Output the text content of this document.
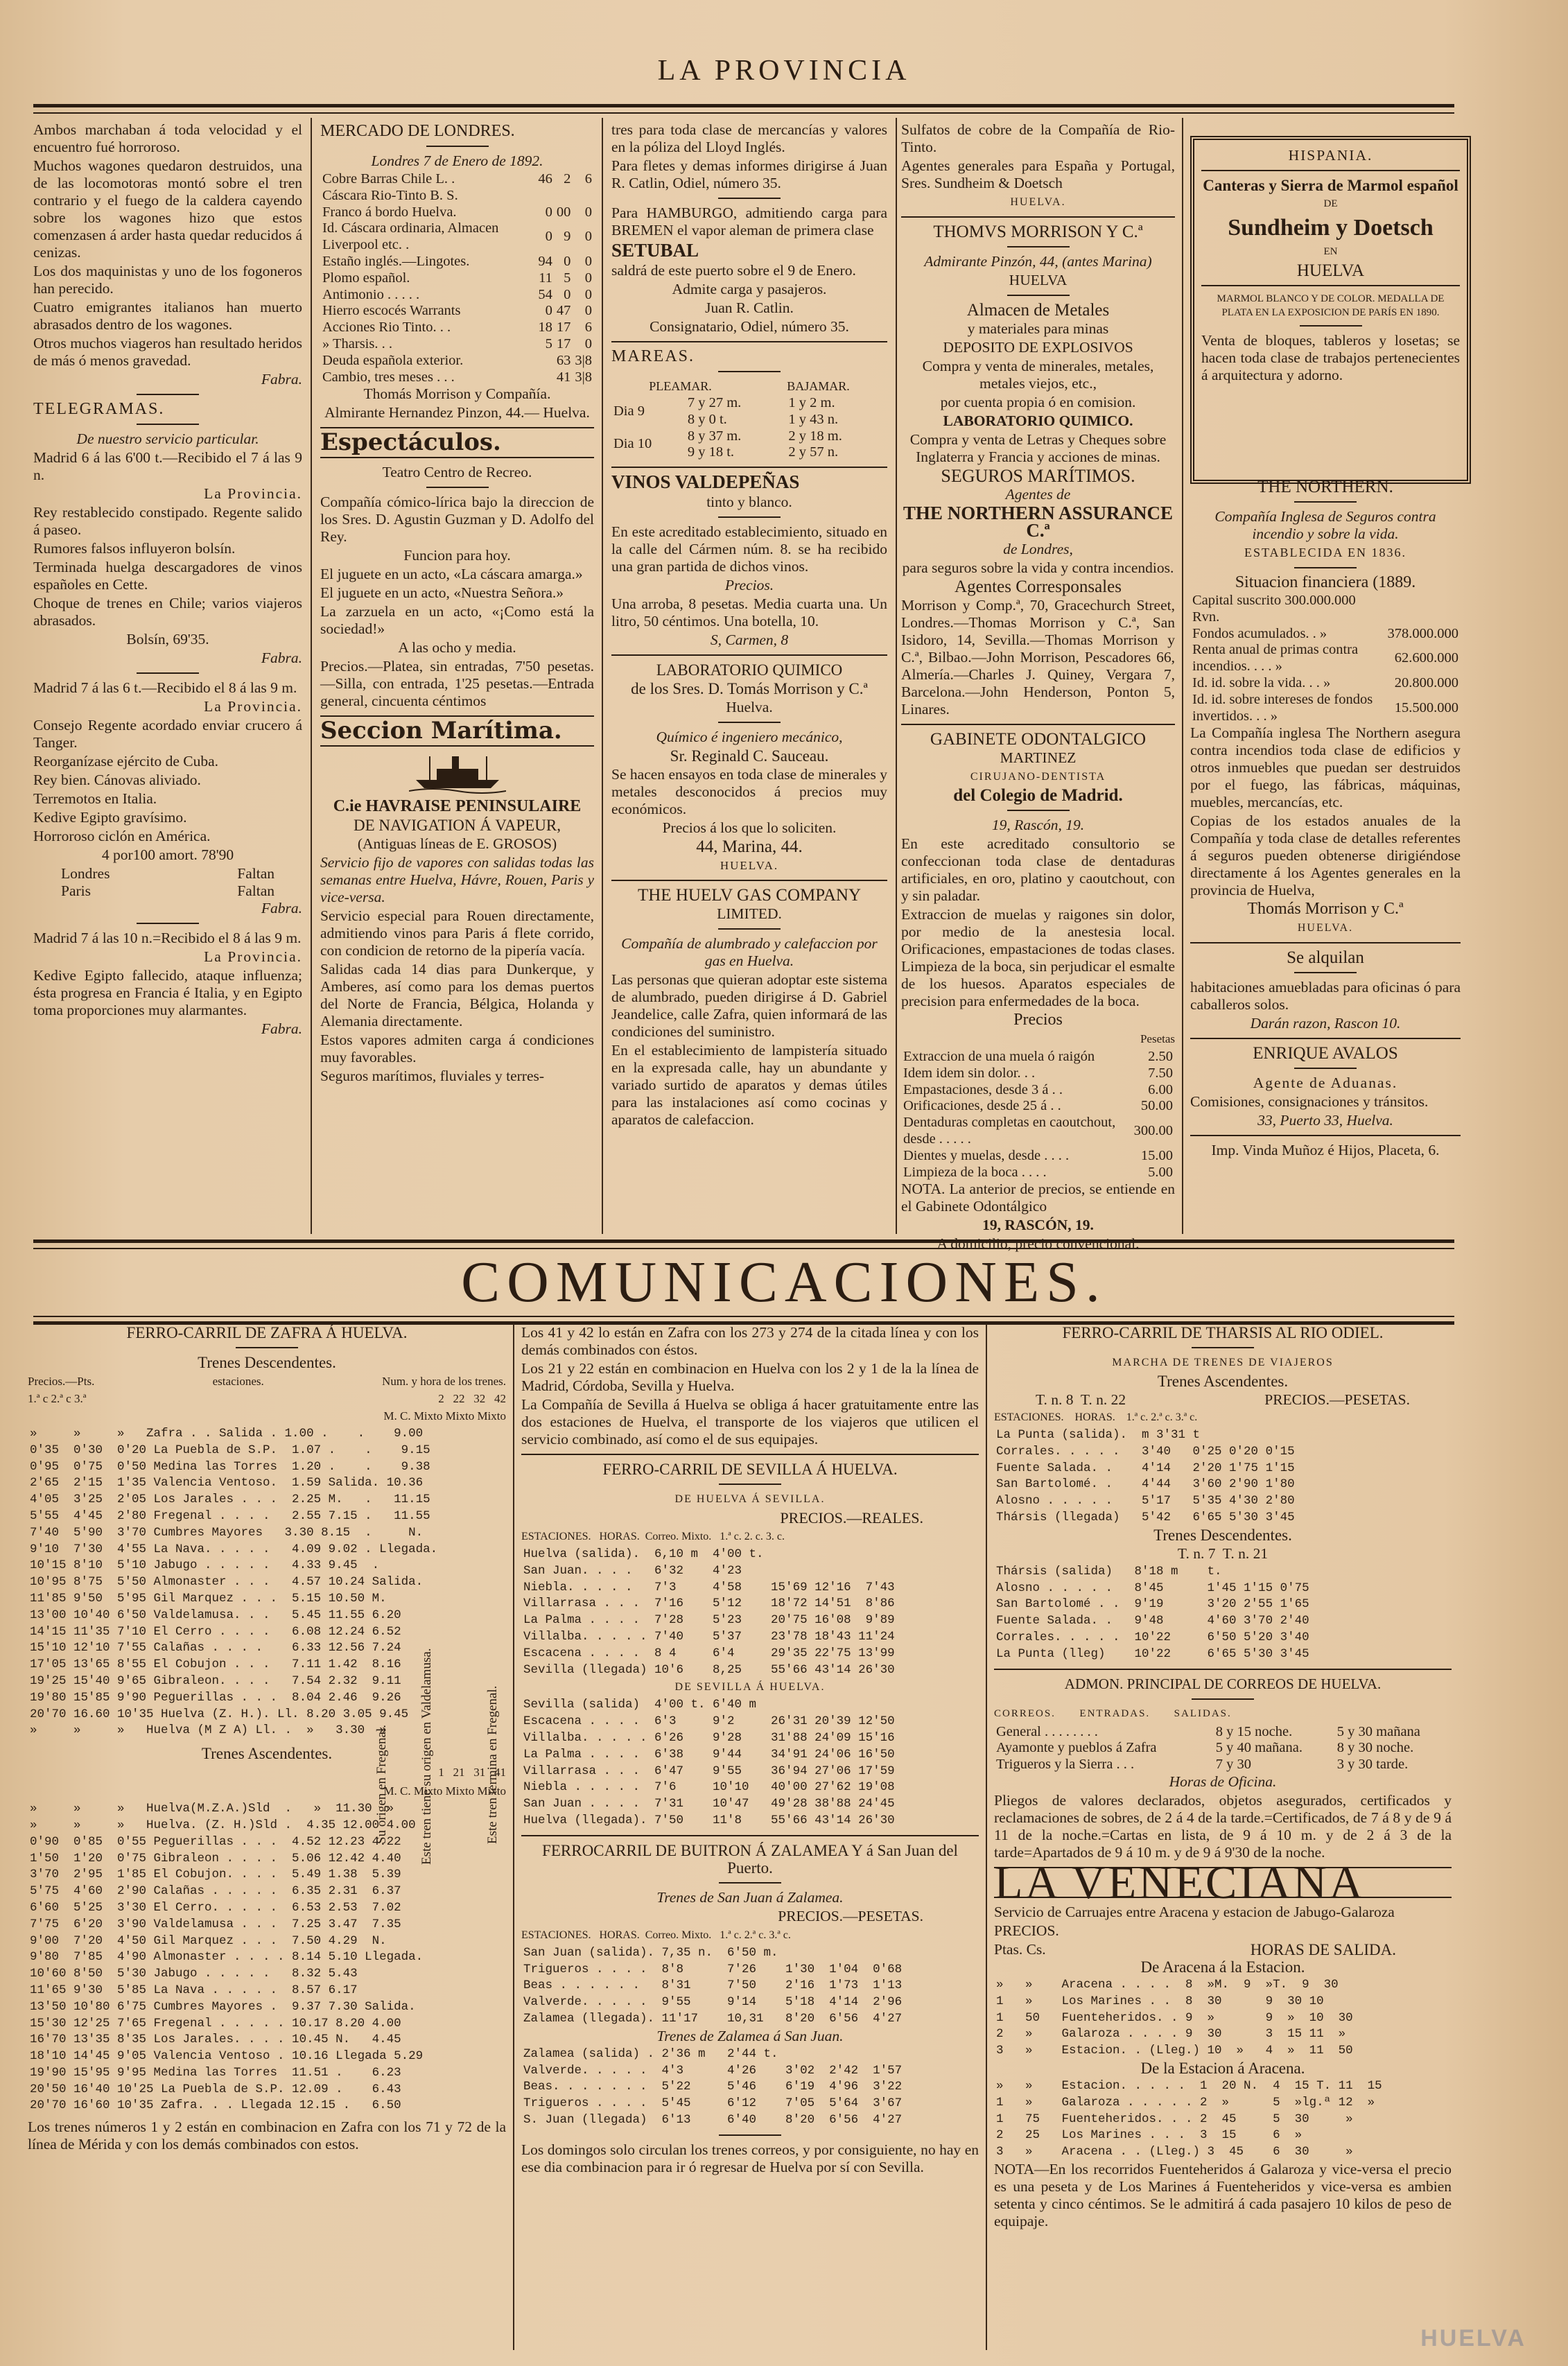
LA PROVINCIA

Ambos marchaban á toda velocidad y el encuentro fué horroroso.

Muchos wagones quedaron destruidos, una de las locomotoras montó sobre el tren contrario y el fuego de la caldera cayendo sobre los wagones hizo que estos comenzasen á arder hasta quedar reducidos á cenizas.

Los dos maquinistas y uno de los fogoneros han perecido.

Cuatro emigrantes italianos han muerto abrasados dentro de los wagones.

Otros muchos viageros han resultado heridos de más ó menos gravedad.

Fabra.

TELEGRAMAS.

De nuestro servicio particular.

Madrid 6 á las 6'00 t.—Recibido el 7 á las 9 n.

La Provincia.

Rey restablecido constipado. Regente salido á paseo.

Rumores falsos influyeron bolsín.

Terminada huelga descargadores de vinos españoles en Cette.

Choque de trenes en Chile; varios viajeros abrasados.

Bolsín, 69'35.

Fabra.

Madrid 7 á las 6 t.—Recibido el 8 á las 9 m.

La Provincia.

Consejo Regente acordado enviar crucero á Tanger.

Reorganízase ejército de Cuba.

Rey bien. Cánovas aliviado.

Terremotos en Italia.

Kedive Egipto gravísimo.

Horroroso ciclón en América.

4 por100 amort. 78'90

Londres	Faltan
Paris	Faltan

Fabra.

Madrid 7 á las 10 n.=Recibido el 8 á las 9 m.

La Provincia.

Kedive Egipto fallecido, ataque influenza; ésta progresa en Francia é Italia, y en Egipto toma proporciones muy alarmantes.

Fabra.

MERCADO DE LONDRES.

Londres 7 de Enero de 1892.

Cobre Barras Chile L. .	46	2	6
Cáscara Rio-Tinto B. S.			
Franco á bordo Huelva.	0	00	0
Id. Cáscara ordinaria, Almacen Liverpool etc. .	0	9	0
Estaño inglés.—Lingotes.	94	0	0
Plomo español.	11	5	0
Antimonio . . . . .	54	0	0
Hierro escocés Warrants	0	47	0
Acciones Rio Tinto. . .	18	17	6
» Tharsis. . .	5	17	0
Deuda española exterior.		63	3|8
Cambio, tres meses . . .		41	3|8

Thomás Morrison y Compañía.

Almirante Hernandez Pinzon, 44.— Huelva.

Espectáculos.

Teatro Centro de Recreo.

Compañía cómico-lírica bajo la direccion de los Sres. D. Agustin Guzman y D. Adolfo del Rey.

Funcion para hoy.

El juguete en un acto, «La cáscara amarga.»

El juguete en un acto, «Nuestra Señora.»

La zarzuela en un acto, «¡Como está la sociedad!»

A las ocho y media.

Precios.—Platea, sin entradas, 7'50 pesetas.—Silla, con entrada, 1'25 pesetas.—Entrada general, cincuenta céntimos

Seccion Marítima.

C.ie HAVRAISE PENINSULAIRE

DE NAVIGATION Á VAPEUR,

(Antiguas líneas de E. GROSOS)

Servicio fijo de vapores con salidas todas las semanas entre Huelva, Hávre, Rouen, Paris y vice-versa.

Servicio especial para Rouen directamente, admitiendo vinos para Paris á flete corrido, con condicion de retorno de la pipería vacía.

Salidas cada 14 dias para Dunkerque, y Amberes, así como para los demas puertos del Norte de Francia, Bélgica, Holanda y Alemania directamente.

Estos vapores admiten carga á condiciones muy favorables.

Seguros marítimos, fluviales y terres-

tres para toda clase de mercancías y valores en la póliza del Lloyd Inglés.

Para fletes y demas informes dirigirse á Juan R. Catlin, Odiel, número 35.

Para HAMBURGO, admitiendo carga para BREMEN el vapor aleman de primera clase

SETUBAL

saldrá de este puerto sobre el 9 de Enero.

Admite carga y pasajeros.

Juan R. Catlin.

Consignatario, Odiel, número 35.

MAREAS.

PLEAMAR.	BAJAMAR.
Dia 9	7 y 27 m.	1 y 2 m.
	8 y 0 t.	1 y 43 n.
Dia 10	8 y 37 m.	2 y 18 m.
	9 y 18 t.	2 y 57 n.

VINOS VALDEPEÑAS

tinto y blanco.

En este acreditado establecimiento, situado en la calle del Cármen núm. 8. se ha recibido una gran partida de dichos vinos.

Precios.

Una arroba, 8 pesetas. Media cuarta una. Un litro, 50 céntimos. Una botella, 10.

S, Carmen, 8

LABORATORIO QUIMICO

de los Sres. D. Tomás Morrison y C.ª

Huelva.

Químico é ingeniero mecánico,

Sr. Reginald C. Sauceau.

Se hacen ensayos en toda clase de minerales y metales desconocidos á precios muy económicos.

Precios á los que lo soliciten.

44, Marina, 44.

HUELVA.

THE HUELV GAS COMPANY

LIMITED.

Compañía de alumbrado y calefaccion por gas en Huelva.

Las personas que quieran adoptar este sistema de alumbrado, pueden dirigirse á D. Gabriel Jeandelice, calle Zafra, quien informará de las condiciones del suministro.

En el establecimiento de lampistería situado en la expresada calle, hay un abundante y variado surtido de aparatos y demas útiles para las instalaciones así como cocinas y aparatos de calefaccion.

Sulfatos de cobre de la Compañía de Rio-Tinto.

Agentes generales para España y Portugal, Sres. Sundheim & Doetsch

HUELVA.

THOMVS MORRISON Y C.ª

Admirante Pinzón, 44, (antes Marina)

HUELVA

Almacen de Metales

y materiales para minas

DEPOSITO DE EXPLOSIVOS

Compra y venta de minerales, metales, metales viejos, etc.,

por cuenta propia ó en comision.

LABORATORIO QUIMICO.

Compra y venta de Letras y Cheques sobre Inglaterra y Francia y acciones de minas.

SEGUROS MARÍTIMOS.

Agentes de

THE NORTHERN ASSURANCE C.ª

de Londres,

para seguros sobre la vida y contra incendios.

Agentes Corresponsales

Morrison y Comp.ª, 70, Gracechurch Street, Londres.—Thomas Morrison y C.ª, San Isidoro, 14, Sevilla.—Thomas Morrison y C.ª, Bilbao.—John Morrison, Pescadores 66, Almería.—Charles J. Quiney, Vergara 7, Barcelona.—John Henderson, Ponton 5, Linares.

GABINETE ODONTALGICO

MARTINEZ

CIRUJANO-DENTISTA

del Colegio de Madrid.

19, Rascón, 19.

En este acreditado consultorio se confeccionan toda clase de dentaduras artificiales, en oro, platino y caoutchout, con y sin paladar.

Extraccion de muelas y raigones sin dolor, por medio de la anestesia local. Orificaciones, empastaciones de todas clases. Limpieza de la boca, sin perjudicar el esmalte de los huesos. Aparatos especiales de precision para enfermedades de la boca.

Precios

Pesetas

Extraccion de una muela ó raigón	2.50
Idem idem sin dolor. . .	7.50
Empastaciones, desde 3 á . .	6.00
Orificaciones, desde 25 á . .	50.00
Dentaduras completas en caoutchout, desde . . . . .	300.00
Dientes y muelas, desde . . . .	15.00
Limpieza de la boca . . . .	5.00

NOTA. La anterior de precios, se entiende en el Gabinete Odontálgico

19, RASCÓN, 19.

A domicilio, precio convencional.

HISPANIA.

Canteras y Sierra de Marmol español

DE

Sundheim y Doetsch

EN

HUELVA

MARMOL BLANCO Y DE COLOR. MEDALLA DE PLATA EN LA EXPOSICION DE PARÍS EN 1890.

Venta de bloques, tableros y losetas; se hacen toda clase de trabajos pertenecientes á arquitectura y adorno.

THE NORTHERN.

Compañía Inglesa de Seguros contra incendio y sobre la vida.

ESTABLECIDA EN 1836.

Situacion financiera (1889.

Capital suscrito 300.000.000 Rvn.	
Fondos acumulados. . »	378.000.000
Renta anual de primas contra incendios. . . . »	62.600.000
Id. id. sobre la vida. . . »	20.800.000
Id. id. sobre intereses de fondos invertidos. . . »	15.500.000

La Compañía inglesa The Northern asegura contra incendios toda clase de edificios y otros inmuebles que puedan ser destruidos por el fuego, las fábricas, máquinas, muebles, mercancías, etc.

Copias de los estados anuales de la Compañía y toda clase de detalles referentes á seguros pueden obtenerse dirigiéndose directamente á los Agentes generales en la provincia de Huelva,

Thomás Morrison y C.ª

HUELVA.

Se alquilan

habitaciones amuebladas para oficinas ó para caballeros solos.

Darán razon, Rascon 10.

ENRIQUE AVALOS

Agente de Aduanas.

Comisiones, consignaciones y tránsitos.

33, Puerto 33, Huelva.

Imp. Vinda Muñoz é Hijos, Placeta, 6.

COMUNICACIONES.

FERRO-CARRIL DE ZAFRA Á HUELVA.

Trenes Descendentes.

Precios.—Pts.	estaciones.	Num. y hora de los trenes.
1.ª c 2.ª c 3.ª	2   22   32   42

M. C. Mixto Mixto Mixto

»     »     »   Zafra . . Salida . 1.00 .    .    9.00
0'35  0'30  0'20 La Puebla de S.P.  1.07 .    .    9.15
0'95  0'75  0'50 Medina las Torres  1.20 .    .    9.38
2'65  2'15  1'35 Valencia Ventoso.  1.59 Salida. 10.36
4'05  3'25  2'05 Los Jarales . . .  2.25 M.   .   11.15
5'55  4'45  2'80 Fregenal . . . .   2.55 7.15 .   11.55
7'40  5'90  3'70 Cumbres Mayores   3.30 8.15  .     N.
9'10  7'30  4'55 La Nava. . . . .   4.09 9.02 . Llegada.
10'15 8'10  5'10 Jabugo . . . . .   4.33 9.45  .
10'95 8'75  5'50 Almonaster . . .   4.57 10.24 Salida.
11'85 9'50  5'95 Gil Marquez . . .  5.15 10.50 M.
13'00 10'40 6'50 Valdelamusa. . .   5.45 11.55 6.20
14'15 11'35 7'10 El Cerro . . . .   6.08 12.24 6.52
15'10 12'10 7'55 Calañas . . . .    6.33 12.56 7.24
17'05 13'65 8'55 El Cobujon . . .   7.11 1.42  8.16
19'25 15'40 9'65 Gibraleon. . . .   7.54 2.32  9.11
19'80 15'85 9'90 Peguerillas . . .  8.04 2.46  9.26
20'70 16.60 10'35 Huelva (Z. H.). Ll. 8.20 3.05 9.45
»     »     »   Huelva (M Z A) Ll. .  »   3.30  »

Trenes Ascendentes.

1   21   31   41

M. C. Mixto Mixto Mixto

»     »     »   Huelva(M.Z.A.)Sld  .   »  11.30  »
»     »     »   Huelva. (Z. H.)Sld .  4.35 12.00 4.00
0'90  0'85  0'55 Peguerillas . . .  4.52 12.23 4.22
1'50  1'20  0'75 Gibraleon . . . .  5.06 12.42 4.40
3'70  2'95  1'85 El Cobujon. . . .  5.49 1.38  5.39
5'75  4'60  2'90 Calañas . . . . .  6.35 2.31  6.37
6'60  5'25  3'30 El Cerro. . . . .  6.53 2.53  7.02
7'75  6'20  3'90 Valdelamusa . . .  7.25 3.47  7.35
9'00  7'20  4'50 Gil Marquez . . .  7.50 4.29  N.
9'80  7'85  4'90 Almonaster . . . . 8.14 5.10 Llegada.
10'60 8'50  5'30 Jabugo . . . . .   8.32 5.43
11'65 9'30  5'85 La Nava . . . . .  8.57 6.17
13'50 10'80 6'75 Cumbres Mayores .  9.37 7.30 Salida.
15'30 12'25 7'65 Fregenal . . . . . 10.17 8.20 4.00
16'70 13'35 8'35 Los Jarales. . . . 10.45 N.   4.45
18'10 14'45 9'05 Valencia Ventoso . 10.16 Llegada 5.29
19'90 15'95 9'95 Medina las Torres  11.51 .    6.23
20'50 16'40 10'25 La Puebla de S.P. 12.09 .    6.43
20'70 16'60 10'35 Zafra. . . Llegada 12.15 .   6.50

Los trenes números 1 y 2 están en combinacion en Zafra con los 71 y 72 de la línea de Mérida y con los demás combinados con estos.

Su origen en Fregenal. Este tren tiene su origen en Valdelamusa.	Este tren termina en Fregenal.

Los 41 y 42 lo están en Zafra con los 273 y 274 de la citada línea y con los demás combinados con éstos.

Los 21 y 22 están en combinacion en Huelva con los 2 y 1 de la la línea de Madrid, Córdoba, Sevilla y Huelva.

La Compañía de Sevilla á Huelva se obliga á hacer gratuitamente entre las dos estaciones de Huelva, el transporte de los viajeros que utilicen el servicio combinado, así como el de sus equipajes.

FERRO-CARRIL DE SEVILLA Á HUELVA.

DE HUELVA Á SEVILLA.

PRECIOS.—REALES.

ESTACIONES.   HORAS.  Correo. Mixto.   1.ª c. 2. c. 3. c.

Huelva (salida).  6,10 m  4'00 t.
San Juan. . . .   6'32    4'23
Niebla. . . . .   7'3     4'58    15'69 12'16  7'43
Villarrasa . . .  7'16    5'12    18'72 14'51  8'86
La Palma . . . .  7'28    5'23    20'75 16'08  9'89
Villalba. . . . . 7'40    5'37    23'78 18'43 11'24
Escacena . . . .  8 4     6'4     29'35 22'75 13'99
Sevilla (llegada) 10'6    8,25    55'66 43'14 26'30

DE SEVILLA Á HUELVA.

Sevilla (salida)  4'00 t. 6'40 m
Escacena . . . .  6'3     9'2     26'31 20'39 12'50
Villalba. . . . . 6'26    9'28    31'88 24'09 15'16
La Palma . . . .  6'38    9'44    34'91 24'06 16'50
Villarrasa . . .  6'47    9'55    36'94 27'06 17'59
Niebla . . . . .  7'6     10'10   40'00 27'62 19'08
San Juan . . . .  7'31    10'47   49'28 38'88 24'45
Huelva (llegada). 7'50    11'8    55'66 43'14 26'30

FERROCARRIL DE BUITRON Á ZALAMEA Y á San Juan del Puerto.

Trenes de San Juan á Zalamea.

PRECIOS.—PESETAS.

ESTACIONES.   HORAS.  Correo. Mixto.   1.ª c. 2.ª c. 3.ª c.

San Juan (salida). 7,35 n.  6'50 m.
Trigueros . . . .  8'8      7'26    1'30  1'04  0'68
Beas . . . . . .   8'31     7'50    2'16  1'73  1'13
Valverde. . . . .  9'55     9'14    5'18  4'14  2'96
Zalamea (llegada). 11'17    10,31   8'20  6'56  4'27

Trenes de Zalamea á San Juan.

Zalamea (salida) . 2'36 m   2'44 t.
Valverde. . . . .  4'3      4'26    3'02  2'42  1'57
Beas. . . . . . .  5'22     5'46    6'19  4'96  3'22
Trigueros . . . .  5'45     6'12    7'05  5'64  3'67
S. Juan (llegada)  6'13     6'40    8'20  6'56  4'27

Los domingos solo circulan los trenes correos, y por consiguiente, no hay en ese dia combinacion para ir ó regresar de Huelva por sí con Sevilla.

FERRO-CARRIL DE THARSIS AL RIO ODIEL.

MARCHA DE TRENES DE VIAJEROS

Trenes Ascendentes.

T. n. 8  T. n. 22	PRECIOS.—PESETAS.

ESTACIONES.    HORAS.    1.ª c. 2.ª c. 3.ª c.

La Punta (salida).  m 3'31 t
Corrales. . . . .   3'40   0'25 0'20 0'15
Fuente Salada. .    4'14   2'20 1'75 1'15
San Bartolomé. .    4'44   3'60 2'90 1'80
Alosno . . . . .    5'17   5'35 4'30 2'80
Thársis (llegada)   5'42   6'65 5'30 3'45

Trenes Descendentes.

T. n. 7  T. n. 21

Thársis (salida)   8'18 m    t.
Alosno . . . . .   8'45      1'45 1'15 0'75
San Bartolomé . .  9'19      3'20 2'55 1'65
Fuente Salada. .   9'48      4'60 3'70 2'40
Corrales. . . . .  10'22     6'50 5'20 3'40
La Punta (lleg)    10'22     6'65 5'30 3'45

ADMON. PRINCIPAL DE CORREOS DE HUELVA.

CORREOS.      ENTRADAS.      SALIDAS.

General . . . . . . . .	8 y 15 noche.	5 y 30 mañana
Ayamonte y pueblos á Zafra	5 y 40 mañana.	8 y 30 noche.
Trigueros y la Sierra . . .	7 y 30	3 y 30 tarde.

Horas de Oficina.

Pliegos de valores declarados, objetos asegurados, certificados y reclamaciones de sobres, de 2 á 4 de la tarde.=Certificados, de 7 á 8 y de 9 á 11 de la noche.=Cartas en lista, de 9 á 10 m. y de 2 á 3 de la tarde=Apartados de 9 á 10 m. y de 9 á 9'30 de la noche.

LA VENECIANA

Servicio de Carruajes entre Aracena y estacion de Jabugo-Galaroza

PRECIOS.

Ptas. Cs.	HORAS DE SALIDA.

De Aracena á la Estacion.

»   »    Aracena . . . .  8  »M.  9  »T.  9  30
1   »    Los Marines . .  8  30      9  30 10
1   50   Fuenteheridos. . 9  »       9  »  10  30
2   »    Galaroza . . . . 9  30      3  15 11  »
3   »    Estacion. . (Lleg.) 10  »   4  »  11  50

De la Estacion á Aracena.

»   »    Estacion. . . . .  1  20 N.  4  15 T. 11  15
1   »    Galaroza . . . . . 2  »      5  »lg.ª 12  »
1   75   Fuenteheridos. . . 2  45     5  30     »
2   25   Los Marines . . .  3  15     6  »
3   »    Aracena . . (Lleg.) 3  45    6  30     »

NOTA—En los recorridos Fuenteheridos á Galaroza y vice-versa el precio es una peseta y de Los Marines á Fuenteheridos y vice-versa es ambien setenta y cinco céntimos. Se le admitirá á cada pasajero 10 kilos de peso de equipaje.

HUELVA
